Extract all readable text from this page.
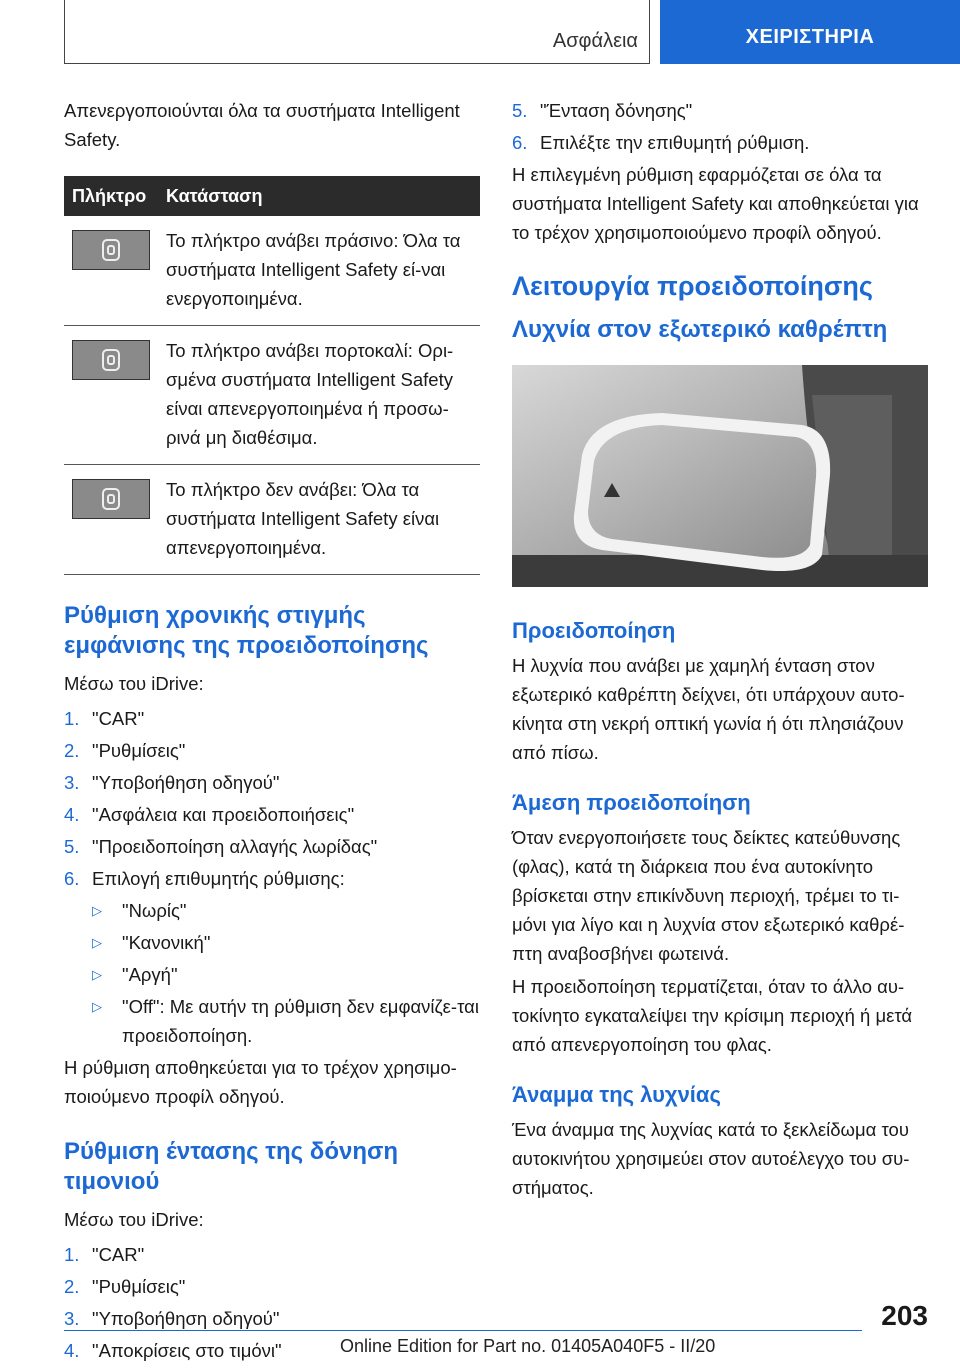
Ασφάλεια	ΧΕΙΡΙΣΤΗΡΙΑ

Απενεργοποιούνται όλα τα συστήματα Intelligent Safety.

Πλήκτρο	Κατάσταση

	Το πλήκτρο ανάβει πράσινο: Όλα τα συστήματα Intelligent Safety εί-ναι ενεργοποιημένα.

	Το πλήκτρο ανάβει πορτοκαλί: Ορι-σμένα συστήματα Intelligent Safety είναι απενεργοποιημένα ή προσω-ρινά μη διαθέσιμα.

	Το πλήκτρο δεν ανάβει: Όλα τα συστήματα Intelligent Safety είναι απενεργοποιημένα.
Ρύθμιση χρονικής στιγμής εμφάνισης της προειδοποίησης

Μέσω του iDrive:

1. "CAR"
2. "Ρυθμίσεις"
3. "Υποβοήθηση οδηγού"
4. "Ασφάλεια και προειδοποιήσεις"
5. "Προειδοποίηση αλλαγής λωρίδας"
6. Επιλογή επιθυμητής ρύθμισης:
▷	"Νωρίς"
▷	"Κανονική"
▷	"Αργή"
▷	"Off": Με αυτήν τη ρύθμιση δεν εμφανίζε-ται προειδοποίηση.

Η ρύθμιση αποθηκεύεται για το τρέχον χρησιμο-ποιούμενο προφίλ οδηγού.

Ρύθμιση έντασης της δόνηση τιμονιού

Μέσω του iDrive:

1. "CAR"
2. "Ρυθμίσεις"
3. "Υποβοήθηση οδηγού"
4. "Αποκρίσεις στο τιμόνι"
5. "Ένταση δόνησης"
6. Επιλέξτε την επιθυμητή ρύθμιση.

Η επιλεγμένη ρύθμιση εφαρμόζεται σε όλα τα συστήματα Intelligent Safety και αποθηκεύεται για το τρέχον χρησιμοποιούμενο προφίλ οδηγού.

Λειτουργία προειδοποίησης
Λυχνία στον εξωτερικό καθρέπτη
Προειδοποίηση

Η λυχνία που ανάβει με χαμηλή ένταση στον εξωτερικό καθρέπτη δείχνει, ότι υπάρχουν αυτο-κίνητα στη νεκρή οπτική γωνία ή ότι πλησιάζουν από πίσω.

Άμεση προειδοποίηση

Όταν ενεργοποιήσετε τους δείκτες κατεύθυνσης (φλας), κατά τη διάρκεια που ένα αυτοκίνητο βρίσκεται στην επικίνδυνη περιοχή, τρέμει το τι-μόνι για λίγο και η λυχνία στον εξωτερικό καθρέ-πτη αναβοσβήνει φωτεινά.

Η προειδοποίηση τερματίζεται, όταν το άλλο αυ-τοκίνητο εγκαταλείψει την κρίσιμη περιοχή ή μετά από απενεργοποίηση του φλας.

Άναμμα της λυχνίας

Ένα άναμμα της λυχνίας κατά το ξεκλείδωμα του αυτοκινήτου χρησιμεύει στον αυτοέλεγχο του συ-στήματος.

203
Online Edition for Part no. 01405A040F5 - II/20
